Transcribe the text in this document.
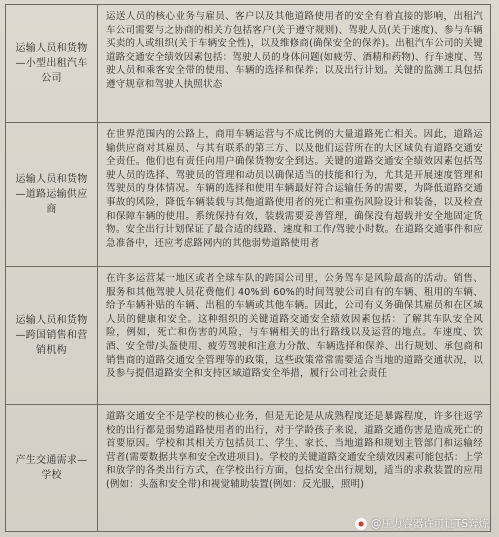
运输人员和货物—小型出租汽车公司
运送人员的核心业务与雇员、客户以及其他道路使用者的安全有着直接的影响，出租汽车公司需要与之协商的相关方包括客户(关于遵守规则)、驾驶人员(关于速度)、参与车辆买卖的人或组织(关于车辆安全性)，以及维修商(确保安全的保养)。出租汽车公司的关键道路交通安全绩效因素包括：驾驶人员的身体问题(如疲劳、酒精和药物)、行车速度、驾驶人员和乘客安全带的使用、车辆的选择和保养；以及出行计划。关键的监测工具包括遵守规章和驾驶人执照状态
运输人员和货物—道路运输供应商
在世界范围内的公路上，商用车辆运营与不成比例的大量道路死亡相关。因此，道路运输供应商对其雇员、与其有联系的第三方、以及他们运营所在的大区域负有道路交通安全责任。他们也有责任向用户确保货物安全到达。关键的道路交通安全绩效因素包括驾驶人员的选择、驾驶员的管理和动员以确保适当的技能和行为，尤其是开展速度管理和驾驶员的身体情况。车辆的选择和使用车辆最好符合运输任务的需要，为降低道路交通事故的风险，降低车辆装载与其他道路使用者的死亡和重伤风险设计和装备，以及检查和保障车辆的使用。系统保持有效，装载需要妥善管理，确保没有超载并安全地固定货物。安全出行计划保证了最合适的线路、速度和工作/驾驶小时数。在道路交通事件和应急准备中，还应考虑路网内的其他弱势道路使用者
运输人员和货物—跨国销售和营销机构
在许多运营某一地区或者全球车队的跨国公司里，公务驾车是风险最高的活动。销售、服务和其他驾驶人员花费他们 40%到 60%的时间驾驶公司自有的车辆、租用的车辆、给予车辆补贴的车辆、出租的车辆或其他车辆。因此，公司有义务确保其雇员和在区域人员的健康和安全。这种组织的关键道路交通安全绩效因素包括：了解其车队安全风险，例如，死亡和伤害的风险，与车辆相关的出行路线以及运营的地点。车速度、饮酒、安全带/头盔使用、疲劳驾驶和注意力分散、车辆选择和保养、出行规划、承包商和销售商的道路交通安全管理等的政策，这些政策常常需要适合当地的道路交通状况，以及参与提倡道路安全和支持区域道路安全举措，履行公司社会责任
产生交通需求—学校
道路交通安全不是学校的核心业务，但是无论是从成熟程度还是暴露程度，许多往返学校的出行都是弱势道路使用者的出行，对于学龄孩子来说，道路交通伤害是造成死亡的首要原因。学校和其相关方包括员工、学生、家长、当地道路和规划主管部门和运输经营者(需要数据共享和安全改进项目)。学校的关键道路交通安全绩效因素可能包括：上学和放学的各类出行方式，在学校出行方面，包括安全出行规划，适当的求救装置的应用(例如：头盔和安全带)和视觉辅助装置(例如：反光服，照明)
@压力容器许可证TS奔炼
